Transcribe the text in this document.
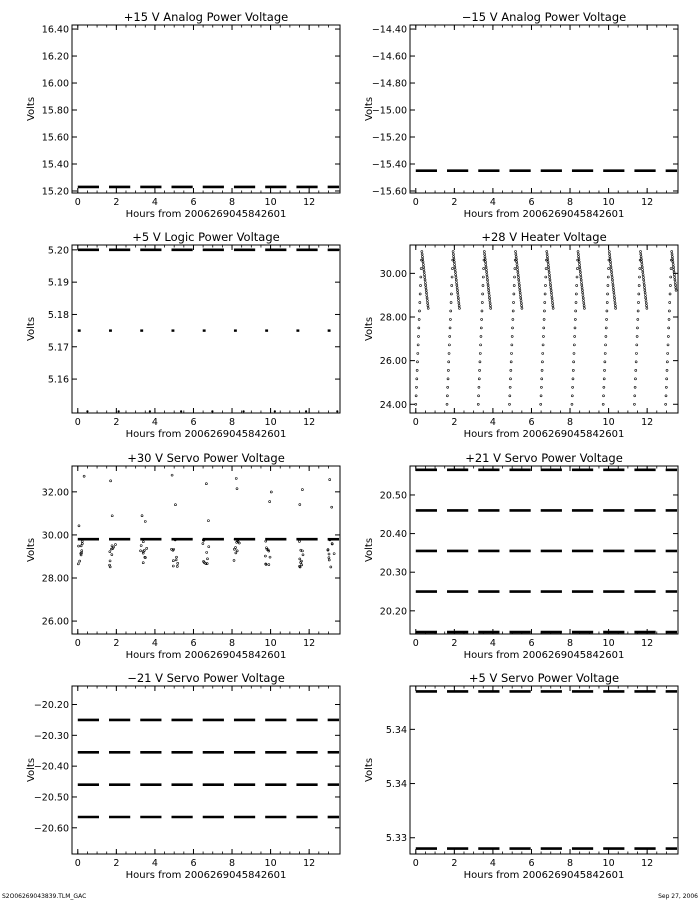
+15 V Analog Power Voltage
0	2	4	6	8	10	12
Hours from 2006269045842601
15.20
15.40
15.60
15.80
16.00
16.20
16.40
Volts
−15 V Analog Power Voltage
0	2	4	6	8	10	12
Hours from 2006269045842601
−15.60
−15.40
−15.20
−15.00
−14.80
−14.60
−14.40
Volts
+5 V Logic Power Voltage
0	2	4	6	8	10	12
Hours from 2006269045842601
5.16
5.17
5.18
5.19
5.20
Volts
+28 V Heater Voltage
0	2	4	6	8	10	12
Hours from 2006269045842601
24.00
26.00
28.00
30.00
Volts
+30 V Servo Power Voltage
0	2	4	6	8	10	12
Hours from 2006269045842601
26.00
28.00
30.00
32.00
Volts
+21 V Servo Power Voltage
0	2	4	6	8	10	12
Hours from 2006269045842601
20.20
20.30
20.40
20.50
Volts
−21 V Servo Power Voltage
0	2	4	6	8	10	12
Hours from 2006269045842601
−20.60
−20.50
−20.40
−20.30
−20.20
Volts
+5 V Servo Power Voltage
0	2	4	6	8	10	12
Hours from 2006269045842601
5.33
5.34
5.34
Volts
S2O06269043839.TLM_GAC	Sep 27, 2006
